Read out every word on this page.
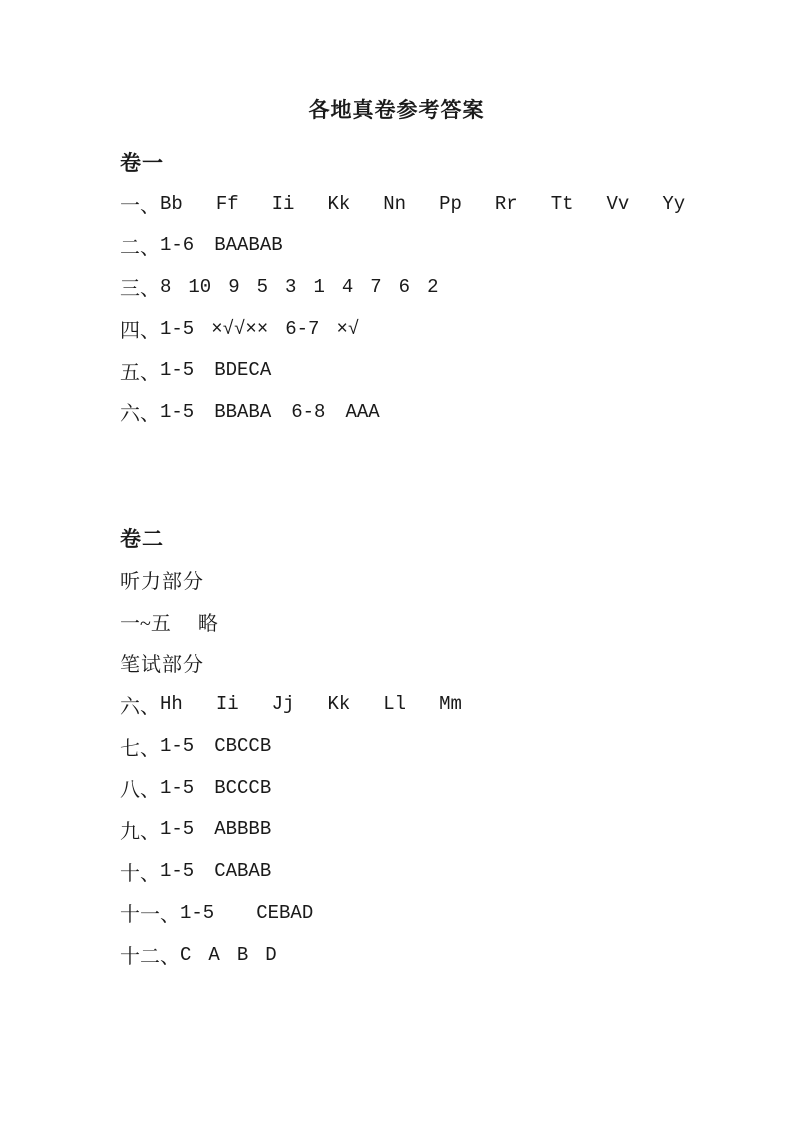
各地真卷参考答案
卷一
一、 Bb Ff Ii Kk Nn Pp Rr Tt Vv Yy
二、 1-6 BAABAB
三、 8 10 9 5 3 1 4 7 6 2
四、 1-5 ×√√×× 6-7 ×√
五、 1-5 BDECA
六、 1-5 BBABA 6-8 AAA
卷二
听力部分
一~五 略
笔试部分
六、 Hh Ii Jj Kk Ll Mm
七、 1-5 CBCCB
八、 1-5 BCCCB
九、 1-5 ABBBB
十、 1-5 CABAB
十一、 1-5 CEBAD
十二、 C A B D
